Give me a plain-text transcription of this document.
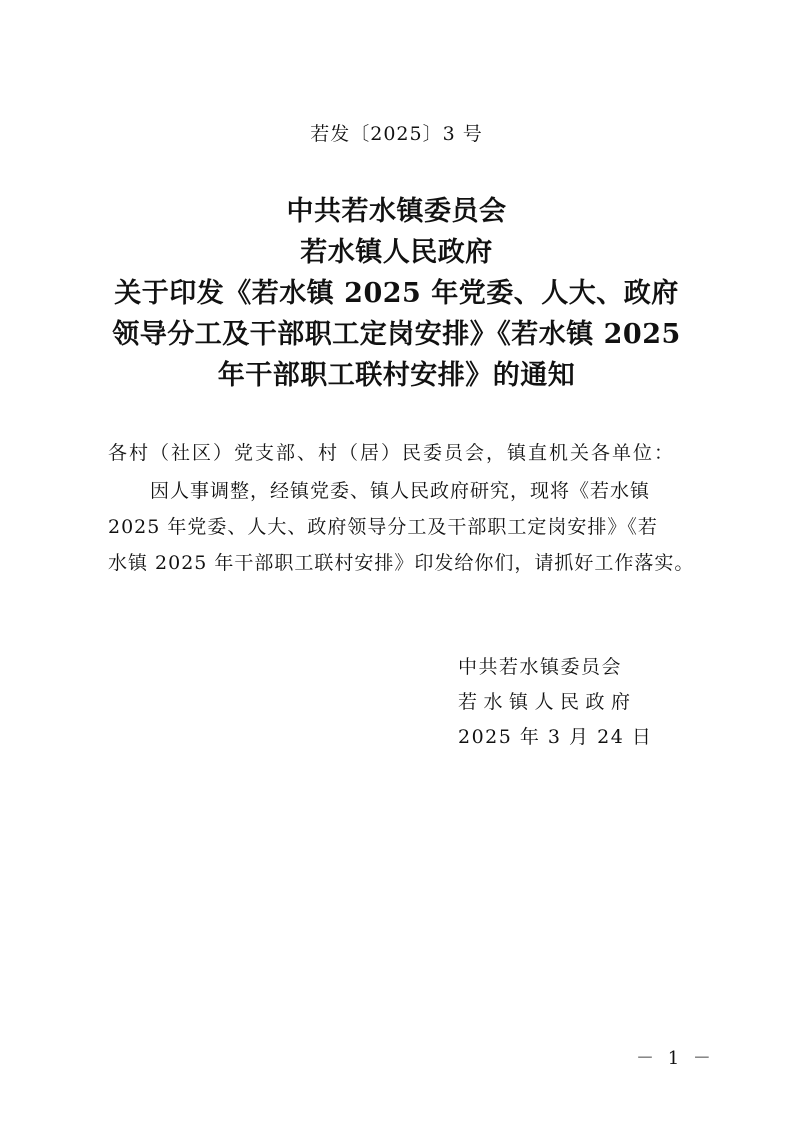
若发〔2025〕3 号
中共若水镇委员会
若水镇人民政府
关于印发《若水镇 2025 年党委、人大、政府
领导分工及干部职工定岗安排》《若水镇 2025
年干部职工联村安排》的通知
各村（社区）党支部、村（居）民委员会，镇直机关各单位：
因人事调整，经镇党委、镇人民政府研究，现将《若水镇
2025 年党委、人大、政府领导分工及干部职工定岗安排》《若
水镇 2025 年干部职工联村安排》印发给你们，请抓好工作落实。
中共若水镇委员会
若水镇人民政府
2025 年 3 月 24 日
－ 1 －
